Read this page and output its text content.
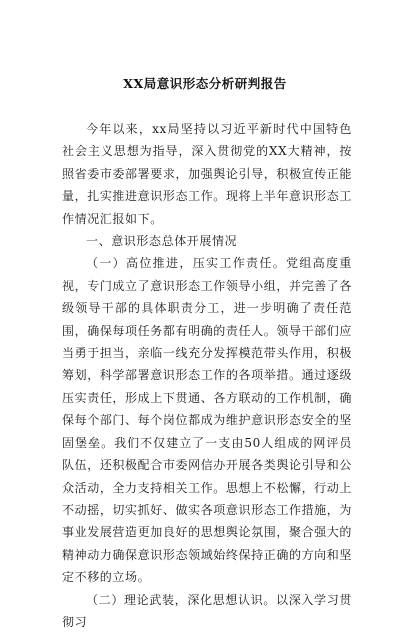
XX局意识形态分析研判报告

今年以来，xx局坚持以习近平新时代中国特色社会主义思想为指导，深入贯彻党的XX大精神，按照省委市委部署要求，加强舆论引导，积极宣传正能量，扎实推进意识形态工作。现将上半年意识形态工作情况汇报如下。

一、意识形态总体开展情况

（一）高位推进，压实工作责任。党组高度重视，专门成立了意识形态工作领导小组，并完善了各级领导干部的具体职责分工，进一步明确了责任范围，确保每项任务都有明确的责任人。领导干部们应当勇于担当，亲临一线充分发挥模范带头作用，积极筹划，科学部署意识形态工作的各项举措。通过逐级压实责任，形成上下贯通、各方联动的工作机制，确保每个部门、每个岗位都成为维护意识形态安全的坚固堡垒。我们不仅建立了一支由50人组成的网评员队伍，还积极配合市委网信办开展各类舆论引导和公众活动，全力支持相关工作。思想上不松懈，行动上不动摇，切实抓好、做实各项意识形态工作措施，为事业发展营造更加良好的思想舆论氛围，聚合强大的精神动力确保意识形态领域始终保持正确的方向和坚定不移的立场。

（二）理论武装，深化思想认识。以深入学习贯彻习
